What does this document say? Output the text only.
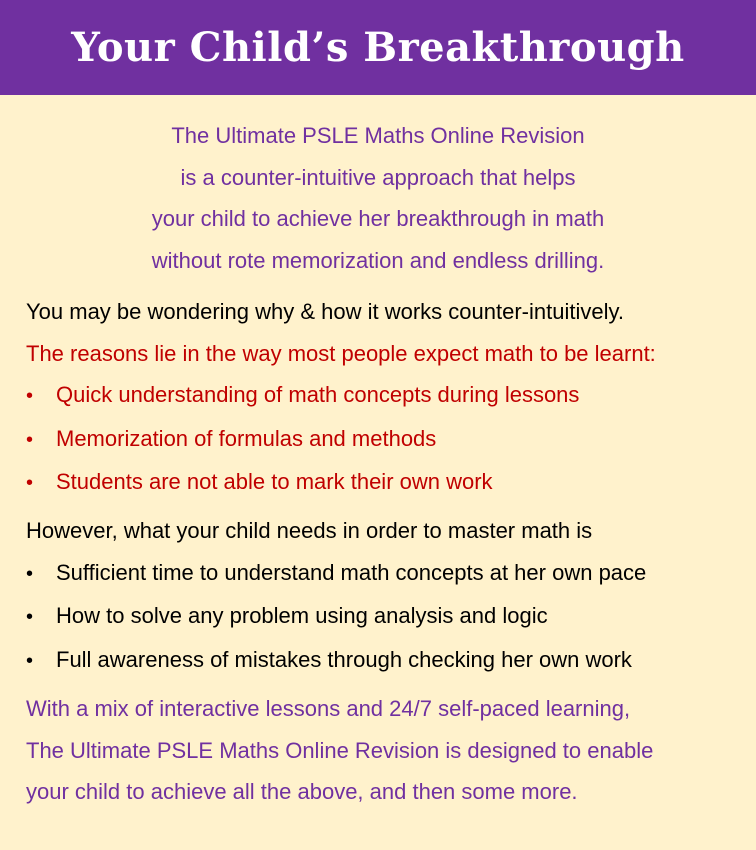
Your Child’s Breakthrough
The Ultimate PSLE Maths Online Revision
is a counter-intuitive approach that helps
your child to achieve her breakthrough in math
without rote memorization and endless drilling.
You may be wondering why & how it works counter-intuitively.
The reasons lie in the way most people expect math to be learnt:
•	Quick understanding of math concepts during lessons
•	Memorization of formulas and methods
•	Students are not able to mark their own work
However, what your child needs in order to master math is
•	Sufficient time to understand math concepts at her own pace
•	How to solve any problem using analysis and logic
•	Full awareness of mistakes through checking her own work
With a mix of interactive lessons and 24/7 self-paced learning,
The Ultimate PSLE Maths Online Revision is designed to enable
your child to achieve all the above, and then some more.
